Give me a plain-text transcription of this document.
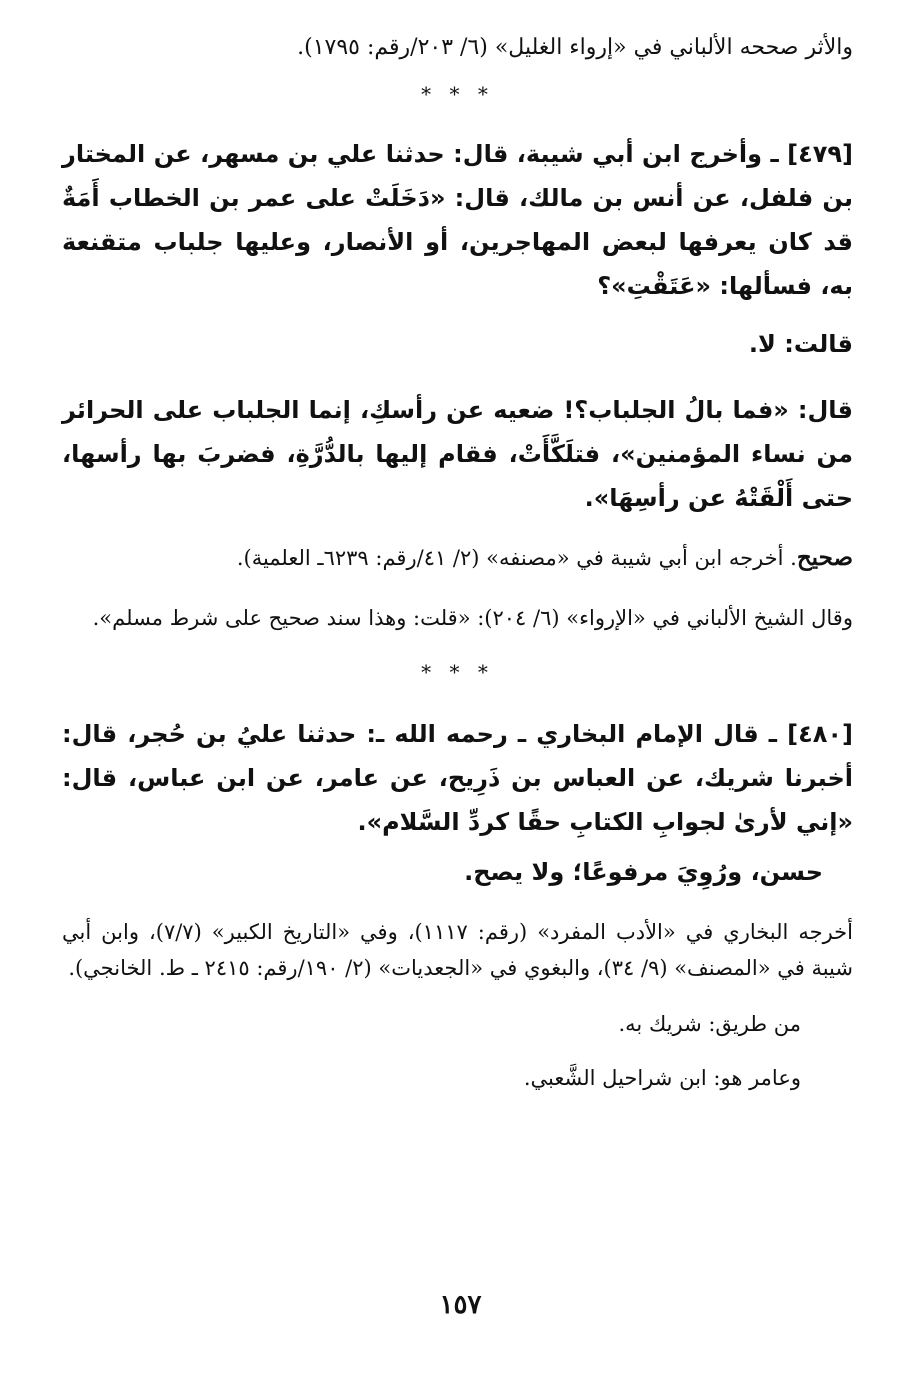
والأثر صححه الألباني في «إرواء الغليل» (٦/ ٢٠٣/رقم: ١٧٩٥).

* * *

[٤٧٩] ـ وأخرج ابن أبي شيبة، قال: حدثنا علي بن مسهر، عن المختار بن فلفل، عن أنس بن مالك، قال: «دَخَلَتْ على عمر بن الخطاب أَمَةٌ قد كان يعرفها لبعض المهاجرين، أو الأنصار، وعليها جلباب متقنعة به، فسألها: «عَتَقْتِ»؟

قالت: لا.

قال: «فما بالُ الجلباب؟! ضعيه عن رأسكِ، إنما الجلباب على الحرائر من نساء المؤمنين»، فتلَكَّأَتْ، فقام إليها بالدُّرَّةِ، فضربَ بها رأسها، حتى أَلْقَتْهُ عن رأسِهَا».

صحيح. أخرجه ابن أبي شيبة في «مصنفه» (٢/ ٤١/رقم: ٦٢٣٩ـ العلمية).

وقال الشيخ الألباني في «الإرواء» (٦/ ٢٠٤): «قلت: وهذا سند صحيح على شرط مسلم».

* * *

[٤٨٠] ـ قال الإمام البخاري ـ رحمه الله ـ: حدثنا عليُ بن حُجر، قال: أخبرنا شريك، عن العباس بن ذَرِيح، عن عامر، عن ابن عباس، قال: «إني لأرىٰ لجوابِ الكتابِ حقًا كردِّ السَّلام».

حسن، ورُوِيَ مرفوعًا؛ ولا يصح.

أخرجه البخاري في «الأدب المفرد» (رقم: ١١١٧)، وفي «التاريخ الكبير» (٧/٧)، وابن أبي شيبة في «المصنف» (٩/ ٣٤)، والبغوي في «الجعديات» (٢/ ١٩٠/رقم: ٢٤١٥ ـ ط. الخانجي).

من طريق: شريك به.

وعامر هو: ابن شراحيل الشَّعبي.

١٥٧
